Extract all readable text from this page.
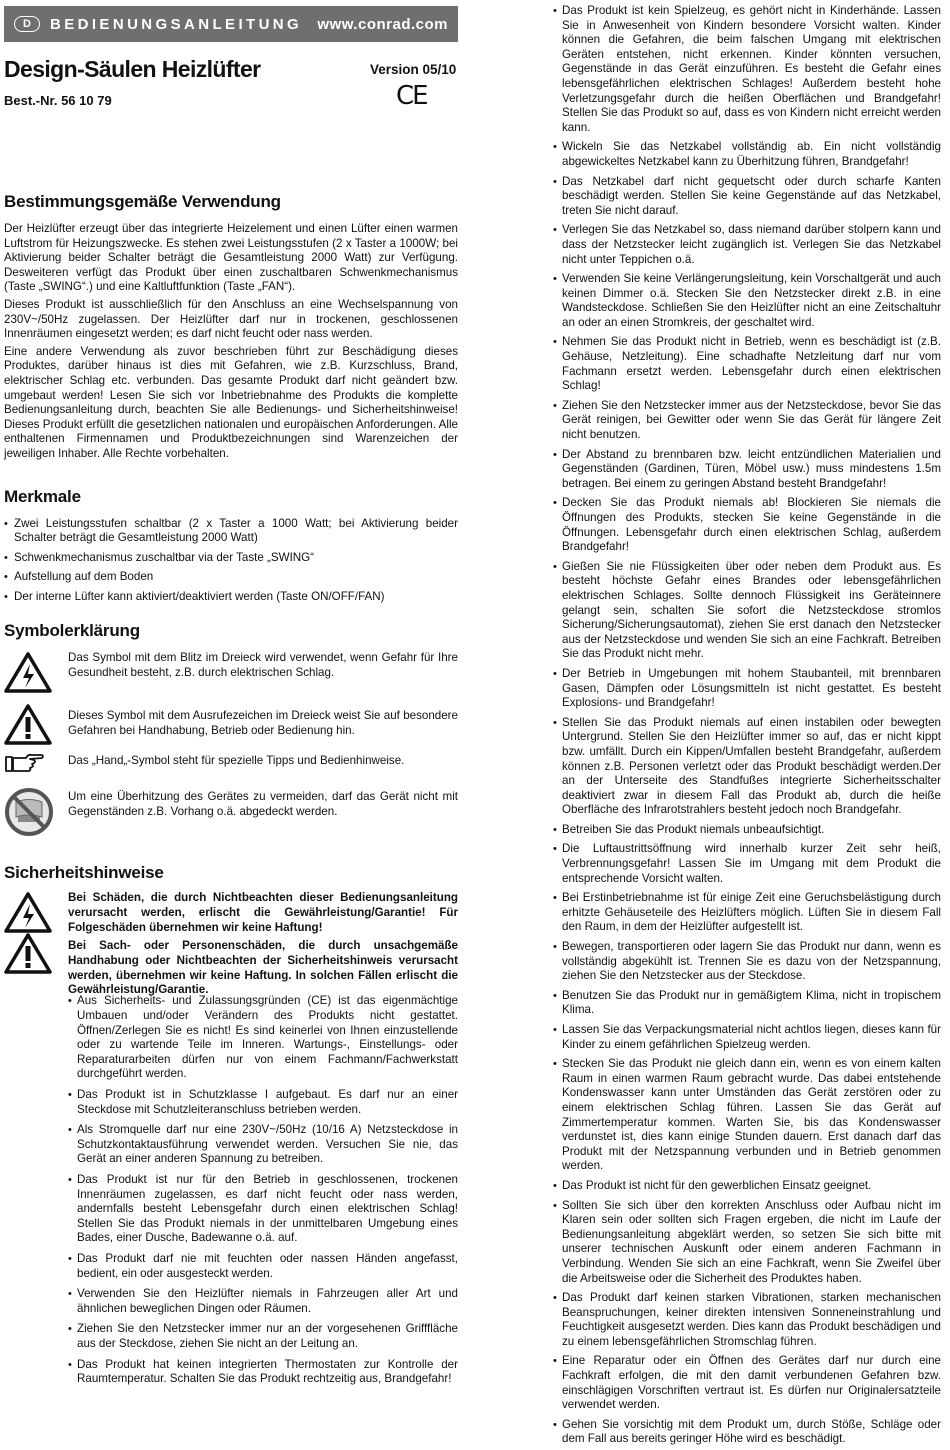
D	BEDIENUNGSANLEITUNG	www.conrad.com
Design-Säulen Heizlüfter
Best.-Nr. 56 10 79
Version 05/10
CE
Bestimmungsgemäße Verwendung

Der Heizlüfter erzeugt über das integrierte Heizelement und einen Lüfter einen warmen Luftstrom für Heizungszwecke. Es stehen zwei Leistungsstufen (2 x Taster a 1000W; bei Aktivierung beider Schalter beträgt die Gesamtleistung 2000 Watt) zur Verfügung. Desweiteren verfügt das Produkt über einen zuschaltbaren Schwenkmechanismus (Taste „SWING“.) und eine Kaltluftfunktion (Taste „FAN“).

Dieses Produkt ist ausschließlich für den Anschluss an eine Wechselspannung von 230V~/50Hz zugelassen. Der Heizlüfter darf nur in trockenen, geschlossenen Innenräumen eingesetzt werden; es darf nicht feucht oder nass werden.

Eine andere Verwendung als zuvor beschrieben führt zur Beschädigung dieses Produktes, darüber hinaus ist dies mit Gefahren, wie z.B. Kurzschluss, Brand, elektrischer Schlag etc. verbunden. Das gesamte Produkt darf nicht geändert bzw. umgebaut werden! Lesen Sie sich vor Inbetriebnahme des Produkts die komplette Bedienungsanleitung durch, beachten Sie alle Bedienungs- und Sicherheitshinweise! Dieses Produkt erfüllt die gesetzlichen nationalen und europäischen Anforderungen. Alle enthaltenen Firmennamen und Produktbezeichnungen sind Warenzeichen der jeweiligen Inhaber. Alle Rechte vorbehalten.

Merkmale

• Zwei Leistungsstufen schaltbar (2 x Taster a 1000 Watt; bei Aktivierung beider Schalter beträgt die Gesamtleistung 2000 Watt)

• Schwenkmechanismus zuschaltbar via der Taste „SWING“

• Aufstellung auf dem Boden

• Der interne Lüfter kann aktiviert/deaktiviert werden (Taste ON/OFF/FAN)

Symbolerklärung

Das Symbol mit dem Blitz im Dreieck wird verwendet, wenn Gefahr für Ihre Gesundheit besteht, z.B. durch elektrischen Schlag.

Dieses Symbol mit dem Ausrufezeichen im Dreieck weist Sie auf besondere Gefahren bei Handhabung, Betrieb oder Bedienung hin.

Das „Hand„-Symbol steht für spezielle Tipps und Bedienhinweise.

Um eine Überhitzung des Gerätes zu vermeiden, darf das Gerät nicht mit Gegenständen z.B. Vorhang o.ä. abgedeckt werden.

Sicherheitshinweise

Bei Schäden, die durch Nichtbeachten dieser Bedienungsanleitung verursacht werden, erlischt die Gewährleistung/Garantie! Für Folgeschäden übernehmen wir keine Haftung!

Bei Sach- oder Personenschäden, die durch unsachgemäße Handhabung oder Nichtbeachten der Sicherheitshinweis verursacht werden, übernehmen wir keine Haftung. In solchen Fällen erlischt die Gewährleistung/Garantie.

• Aus Sicherheits- und Zulassungsgründen (CE) ist das eigenmächtige Umbauen und/oder Verändern des Produkts nicht gestattet. Öffnen/Zerlegen Sie es nicht! Es sind keinerlei von Ihnen einzustellende oder zu wartende Teile im Inneren. Wartungs-, Einstellungs- oder Reparaturarbeiten dürfen nur von einem Fachmann/Fachwerkstatt durchgeführt werden.

• Das Produkt ist in Schutzklasse I aufgebaut. Es darf nur an einer Steckdose mit Schutzleiteranschluss betrieben werden.

• Als Stromquelle darf nur eine 230V~/50Hz (10/16 A) Netzsteckdose in Schutzkontaktausführung verwendet werden. Versuchen Sie nie, das Gerät an einer anderen Spannung zu betreiben.

• Das Produkt ist nur für den Betrieb in geschlossenen, trockenen Innenräumen zugelassen, es darf nicht feucht oder nass werden, andernfalls besteht Lebensgefahr durch einen elektrischen Schlag! Stellen Sie das Produkt niemals in der unmittelbaren Umgebung eines Bades, einer Dusche, Badewanne o.ä. auf.

• Das Produkt darf nie mit feuchten oder nassen Händen angefasst, bedient, ein oder ausgesteckt werden.

• Verwenden Sie den Heizlüfter niemals in Fahrzeugen aller Art und ähnlichen beweglichen Dingen oder Räumen.

• Ziehen Sie den Netzstecker immer nur an der vorgesehenen Grifffläche aus der Steckdose, ziehen Sie nicht an der Leitung an.

• Das Produkt hat keinen integrierten Thermostaten zur Kontrolle der Raumtemperatur. Schalten Sie das Produkt rechtzeitig aus, Brandgefahr!

• Das Produkt ist kein Spielzeug, es gehört nicht in Kinderhände. Lassen Sie in Anwesenheit von Kindern besondere Vorsicht walten. Kinder können die Gefahren, die beim falschen Umgang mit elektrischen Geräten entstehen, nicht erkennen. Kinder könnten versuchen, Gegenstände in das Gerät einzuführen. Es besteht die Gefahr eines lebensgefährlichen elektrischen Schlages! Außerdem besteht hohe Verletzungsgefahr durch die heißen Oberflächen und Brandgefahr! Stellen Sie das Produkt so auf, dass es von Kindern nicht erreicht werden kann.

• Wickeln Sie das Netzkabel vollständig ab. Ein nicht vollständig abgewickeltes Netzkabel kann zu Überhitzung führen, Brandgefahr!

• Das Netzkabel darf nicht gequetscht oder durch scharfe Kanten beschädigt werden. Stellen Sie keine Gegenstände auf das Netzkabel, treten Sie nicht darauf.

• Verlegen Sie das Netzkabel so, dass niemand darüber stolpern kann und dass der Netzstecker leicht zugänglich ist. Verlegen Sie das Netzkabel nicht unter Teppichen o.ä.

• Verwenden Sie keine Verlängerungsleitung, kein Vorschaltgerät und auch keinen Dimmer o.ä. Stecken Sie den Netzstecker direkt z.B. in eine Wandsteckdose. Schließen Sie den Heizlüfter nicht an eine Zeitschaltuhr an oder an einen Stromkreis, der geschaltet wird.

• Nehmen Sie das Produkt nicht in Betrieb, wenn es beschädigt ist (z.B. Gehäuse, Netzleitung). Eine schadhafte Netzleitung darf nur vom Fachmann ersetzt werden. Lebensgefahr durch einen elektrischen Schlag!

• Ziehen Sie den Netzstecker immer aus der Netzsteckdose, bevor Sie das Gerät reinigen, bei Gewitter oder wenn Sie das Gerät für längere Zeit nicht benutzen.

• Der Abstand zu brennbaren bzw. leicht entzündlichen Materialien und Gegenständen (Gardinen, Türen, Möbel usw.) muss mindestens 1.5m betragen. Bei einem zu geringen Abstand besteht Brandgefahr!

• Decken Sie das Produkt niemals ab! Blockieren Sie niemals die Öffnungen des Produkts, stecken Sie keine Gegenstände in die Öffnungen. Lebensgefahr durch einen elektrischen Schlag, außerdem Brandgefahr!

• Gießen Sie nie Flüssigkeiten über oder neben dem Produkt aus. Es besteht höchste Gefahr eines Brandes oder lebensgefährlichen elektrischen Schlages. Sollte dennoch Flüssigkeit ins Geräteinnere gelangt sein, schalten Sie sofort die Netzsteckdose stromlos Sicherung/Sicherungsautomat), ziehen Sie erst danach den Netzstecker aus der Netzsteckdose und wenden Sie sich an eine Fachkraft. Betreiben Sie das Produkt nicht mehr.

• Der Betrieb in Umgebungen mit hohem Staubanteil, mit brennbaren Gasen, Dämpfen oder Lösungsmitteln ist nicht gestattet. Es besteht Explosions- und Brandgefahr!

• Stellen Sie das Produkt niemals auf einen instabilen oder bewegten Untergrund. Stellen Sie den Heizlüfter immer so auf, das er nicht kippt bzw. umfällt. Durch ein Kippen/Umfallen besteht Brandgefahr, außerdem können z.B. Personen verletzt oder das Produkt beschädigt werden.Der an der Unterseite des Standfußes integrierte Sicherheitsschalter deaktiviert zwar in diesem Fall das Produkt ab, durch die heiße Oberfläche des Infrarotstrahlers besteht jedoch noch Brandgefahr.

• Betreiben Sie das Produkt niemals unbeaufsichtigt.

• Die Luftaustrittsöffnung wird innerhalb kurzer Zeit sehr heiß, Verbrennungsgefahr! Lassen Sie im Umgang mit dem Produkt die entsprechende Vorsicht walten.

• Bei Erstinbetriebnahme ist für einige Zeit eine Geruchsbelästigung durch erhitzte Gehäuseteile des Heizlüfters möglich. Lüften Sie in diesem Fall den Raum, in dem der Heizlüfter aufgestellt ist.

• Bewegen, transportieren oder lagern Sie das Produkt nur dann, wenn es vollständig abgekühlt ist. Trennen Sie es dazu von der Netzspannung, ziehen Sie den Netzstecker aus der Steckdose.

• Benutzen Sie das Produkt nur in gemäßigtem Klima, nicht in tropischem Klima.

• Lassen Sie das Verpackungsmaterial nicht achtlos liegen, dieses kann für Kinder zu einem gefährlichen Spielzeug werden.

• Stecken Sie das Produkt nie gleich dann ein, wenn es von einem kalten Raum in einen warmen Raum gebracht wurde. Das dabei entstehende Kondenswasser kann unter Umständen das Gerät zerstören oder zu einem elektrischen Schlag führen. Lassen Sie das Gerät auf Zimmertemperatur kommen. Warten Sie, bis das Kondenswasser verdunstet ist, dies kann einige Stunden dauern. Erst danach darf das Produkt mit der Netzspannung verbunden und in Betrieb genommen werden.

• Das Produkt ist nicht für den gewerblichen Einsatz geeignet.

• Sollten Sie sich über den korrekten Anschluss oder Aufbau nicht im Klaren sein oder sollten sich Fragen ergeben, die nicht im Laufe der Bedienungsanleitung abgeklärt werden, so setzen Sie sich bitte mit unserer technischen Auskunft oder einem anderen Fachmann in Verbindung. Wenden Sie sich an eine Fachkraft, wenn Sie Zweifel über die Arbeitsweise oder die Sicherheit des Produktes haben.

• Das Produkt darf keinen starken Vibrationen, starken mechanischen Beanspruchungen, keiner direkten intensiven Sonneneinstrahlung und Feuchtigkeit ausgesetzt werden. Dies kann das Produkt beschädigen und zu einem lebensgefährlichen Stromschlag führen.

• Eine Reparatur oder ein Öffnen des Gerätes darf nur durch eine Fachkraft erfolgen, die mit den damit verbundenen Gefahren bzw. einschlägigen Vorschriften vertraut ist. Es dürfen nur Originalersatzteile verwendet werden.

• Gehen Sie vorsichtig mit dem Produkt um, durch Stöße, Schläge oder dem Fall aus bereits geringer Höhe wird es beschädigt.
